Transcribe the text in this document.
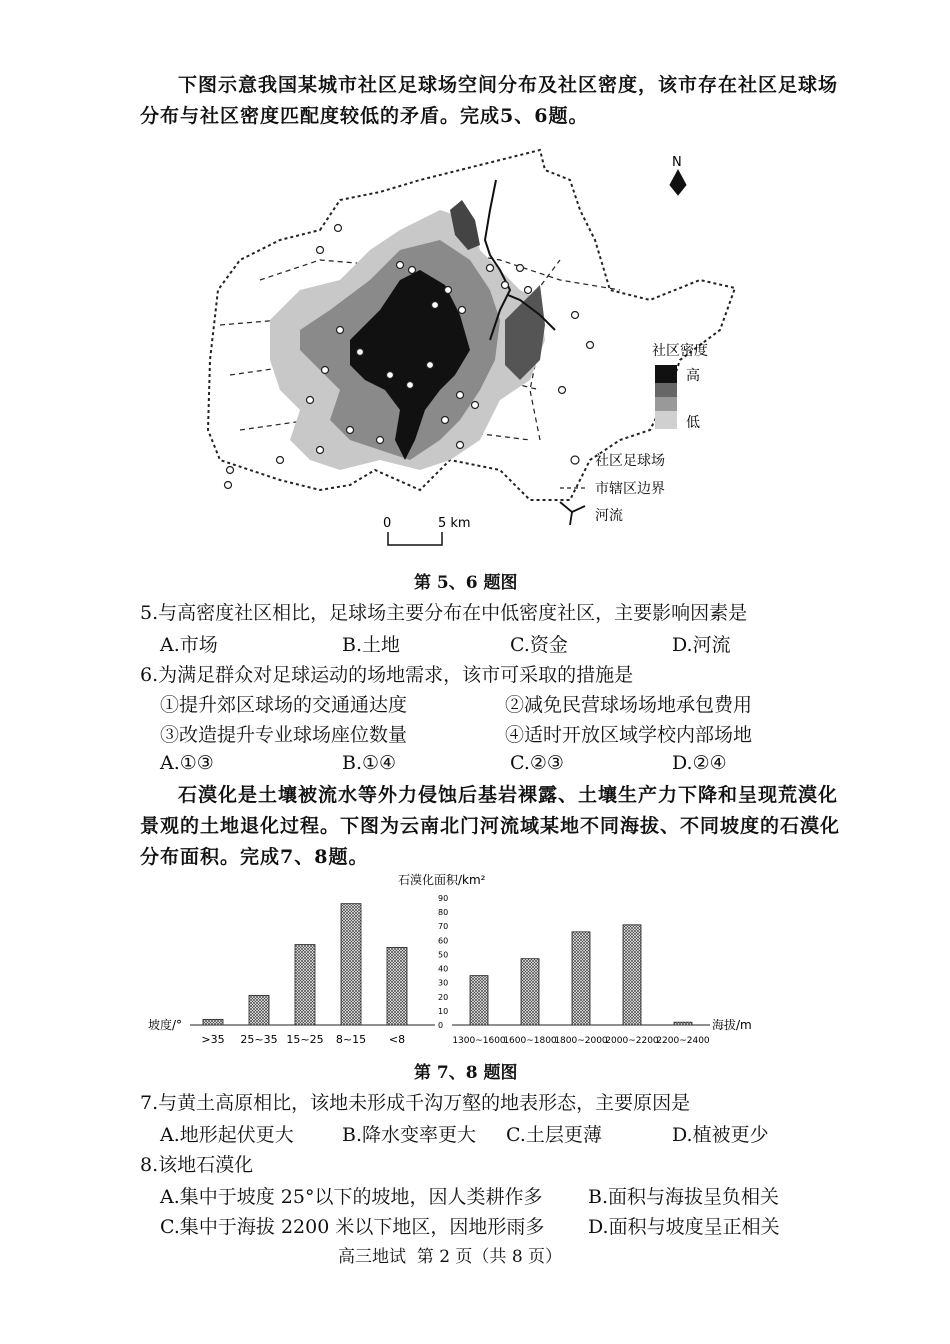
下图示意我国某城市社区足球场空间分布及社区密度，该市存在社区足球场分布与社区密度匹配度较低的矛盾。完成5、6题。
N
社区密度
高
低
社区足球场
市辖区边界
河流
0	5 km
第 5、6 题图
5.与高密度社区相比，足球场主要分布在中低密度社区，主要影响因素是
A.市场	B.土地	C.资金	D.河流
6.为满足群众对足球运动的场地需求，该市可采取的措施是
①提升郊区球场的交通通达度	②减免民营球场场地承包费用
③改造提升专业球场座位数量	④适时开放区域学校内部场地
A.①③	B.①④	C.②③	D.②④
石漠化是土壤被流水等外力侵蚀后基岩裸露、土壤生产力下降和呈现荒漠化景观的土地退化过程。下图为云南北门河流域某地不同海拔、不同坡度的石漠化分布面积。完成7、8题。
石漠化面积/km²
坡度/°	海拔/m
0
10
20
30
40
50
60
70
80
90
>35 25~35 15~25 8~15 <8	1300~1600
1600~1800
1800~2000
2000~2200
2200~2400
第 7、8 题图
7.与黄土高原相比，该地未形成千沟万壑的地表形态，主要原因是
A.地形起伏更大	B.降水变率更大 C.土层更薄	D.植被更少
8.该地石漠化
A.集中于坡度 25°以下的坡地，因人类耕作多 B.面积与海拔呈负相关
C.集中于海拔 2200 米以下地区，因地形雨多 D.面积与坡度呈正相关
高三地试  第 2 页（共 8 页）
